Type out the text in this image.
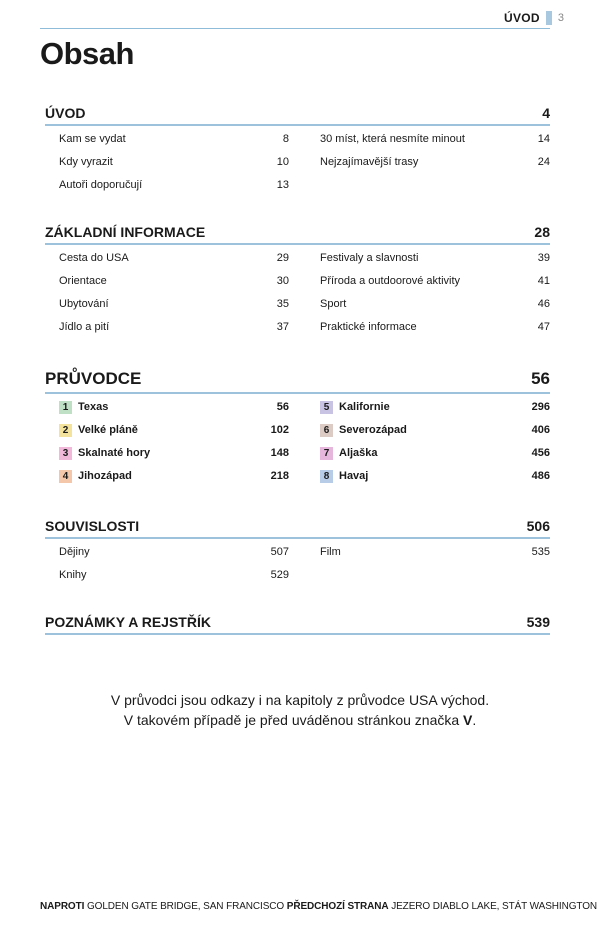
ÚVOD 3
Obsah
ÚVOD	4
Kam se vydat	8
Kdy vyrazit	10
Autoři doporučují	13
30 míst, která nesmíte minout	14
Nejzajímavější trasy	24
ZÁKLADNÍ INFORMACE	28
Cesta do USA	29
Orientace	30
Ubytování	35
Jídlo a pití	37
Festivaly a slavnosti	39
Příroda a outdoorové aktivity	41
Sport	46
Praktické informace	47
PRŮVODCE	56
1 Texas	56
2 Velké pláně	102
3 Skalnaté hory	148
4 Jihozápad	218
5 Kalifornie	296
6 Severozápad	406
7 Aljaška	456
8 Havaj	486
SOUVISLOSTI	506
Dějiny	507
Knihy	529
Film	535
POZNÁMKY A REJSTŘÍK	539
V průvodci jsou odkazy i na kapitoly z průvodce USA východ.
V takovém případě je před uváděnou stránkou značka V.
NAPROTI GOLDEN GATE BRIDGE, SAN FRANCISCO PŘEDCHOZÍ STRANA JEZERO DIABLO LAKE, STÁT WASHINGTON
